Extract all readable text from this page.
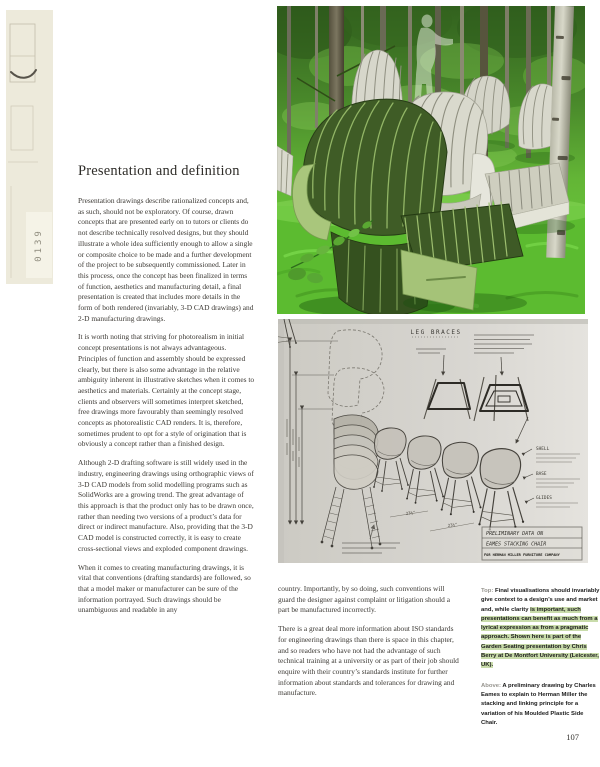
0139
Presentation and definition

Presentation drawings describe rationalized concepts and, as such, should not be exploratory. Of course, drawn concepts that are presented early on to tutors or clients do not describe technically resolved designs, but they should illustrate a whole idea sufficiently enough to allow a single or composite choice to be made and a further development of the project to be subsequently commissioned. Later in this process, once the concept has been finalized in terms of function, aesthetics and manufacturing detail, a final presentation is created that includes more details in the form of both rendered (invariably, 3-D CAD drawings) and 2-D manufacturing drawings.

It is worth noting that striving for photorealism in initial concept presentations is not always advantageous. Principles of function and assembly should be expressed clearly, but there is also some advantage in the relative ambiguity inherent in illustrative sketches when it comes to aesthetics and materials. Certainly at the concept stage, clients and observers will sometimes interpret sketched, free drawings more favourably than seemingly resolved concepts as photorealistic CAD renders. It is, therefore, sometimes prudent to opt for a style of origination that is obviously a concept rather than a finished design.

Although 2-D drafting software is still widely used in the industry, engineering drawings using orthographic views of 3-D CAD models from solid modelling programs such as SolidWorks are a growing trend. The great advantage of this approach is that the product only has to be drawn once, rather than needing two versions of a product’s data for direct or indirect manufacture. Also, providing that the 3-D CAD model is constructed correctly, it is easy to create cross-sectional views and exploded component drawings.

When it comes to creating manufacturing drawings, it is vital that conventions (drafting standards) are followed, so that a model maker or manufacturer can be sure of the information portrayed. Such drawings should be unambiguous and readable in any

country. Importantly, by so doing, such conventions will guard the designer against complaint or litigation should a part be manufactured incorrectly.

There is a great deal more information about ISO standards for engineering drawings than there is space in this chapter, and so readers who have not had the advantage of such technical training at a university or as part of their job should enquire with their country’s standards institute for further information about standards and tolerances for drawing and manufacture.

Top: Final visualisations should invariably give context to a design’s use and market and, while clarity is important, such presentations can benefit as much from a lyrical expression as from a pragmatic approach. Shown here is part of the Garden Seating presentation by Chris Berry at De Montfort University (Leicester, UK).

Above: A preliminary drawing by Charles Eames to explain to Herman Miller the stacking and linking principle for a variation of his Moulded Plastic Side Chair.

LEG BRACES
SHELL
BASE
GLIDES
23¼"
23¼"
PRELIMINARY DATA ON
EAMES STACKING CHAIR
FOR HERMAN MILLER FURNITURE COMPANY
107
